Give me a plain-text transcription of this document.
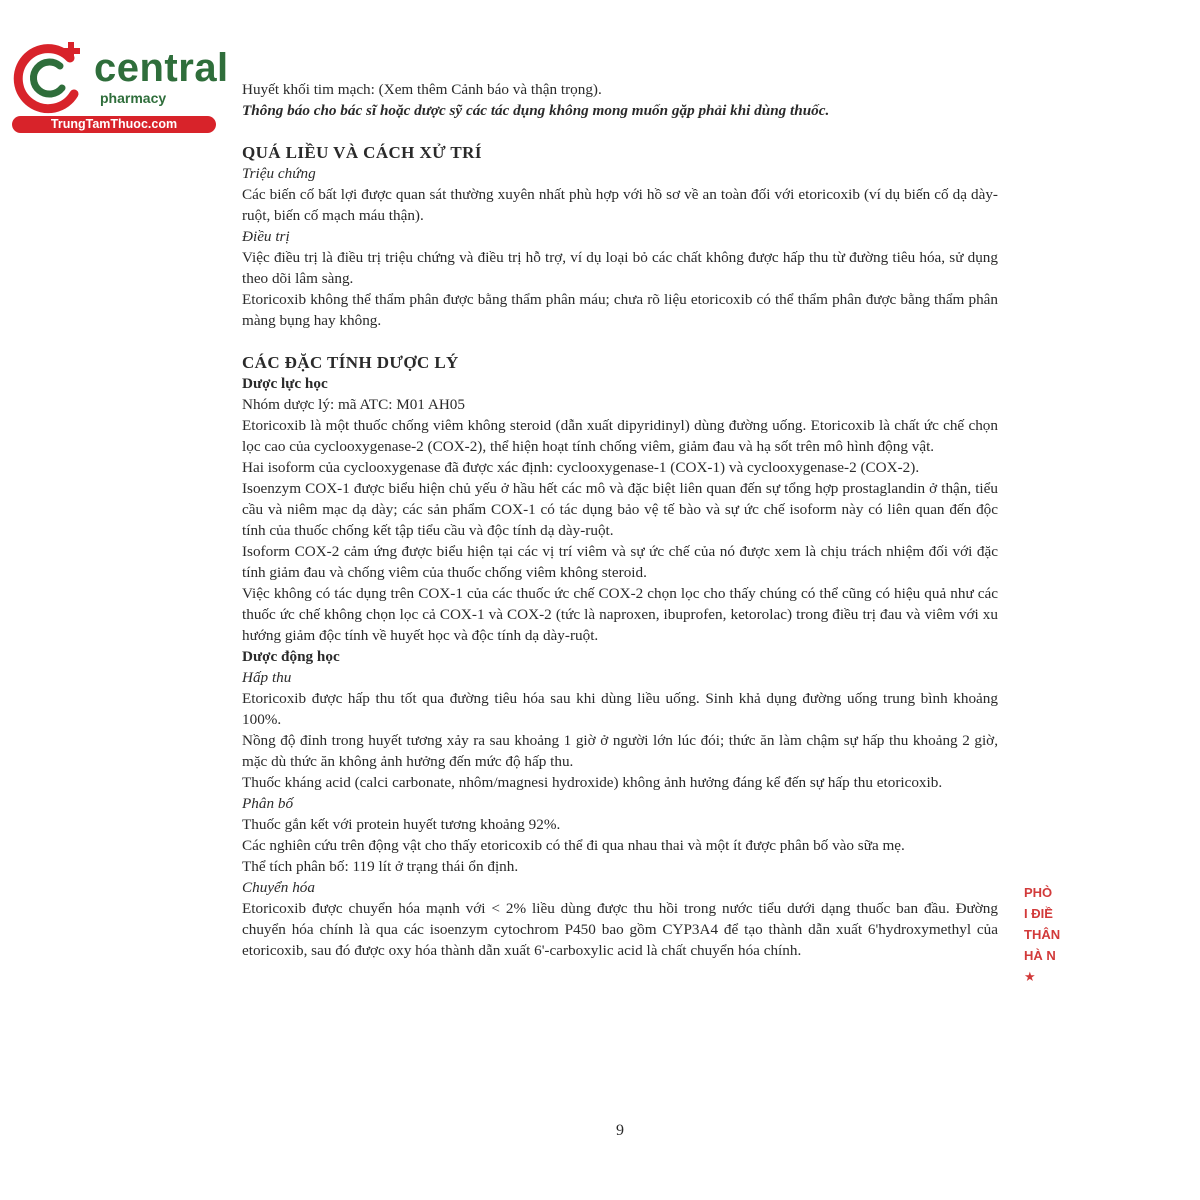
central
pharmacy
TrungTamThuoc.com

Huyết khối tim mạch: (Xem thêm Cảnh báo và thận trọng).

Thông báo cho bác sĩ hoặc dược sỹ các tác dụng không mong muốn gặp phải khi dùng thuốc.

QUÁ LIỀU VÀ CÁCH XỬ TRÍ

Triệu chứng

Các biến cố bất lợi được quan sát thường xuyên nhất phù hợp với hồ sơ về an toàn đối với etoricoxib (ví dụ biến cố dạ dày-ruột, biến cố mạch máu thận).

Điều trị

Việc điều trị là điều trị triệu chứng và điều trị hỗ trợ, ví dụ loại bỏ các chất không được hấp thu từ đường tiêu hóa, sử dụng theo dõi lâm sàng.

Etoricoxib không thể thẩm phân được bằng thẩm phân máu; chưa rõ liệu etoricoxib có thể thẩm phân được bằng thẩm phân màng bụng hay không.

CÁC ĐẶC TÍNH DƯỢC LÝ

Dược lực học

Nhóm dược lý: mã ATC: M01 AH05

Etoricoxib là một thuốc chống viêm không steroid (dẫn xuất dipyridinyl) dùng đường uống. Etoricoxib là chất ức chế chọn lọc cao của cyclooxygenase-2 (COX-2), thể hiện hoạt tính chống viêm, giảm đau và hạ sốt trên mô hình động vật.

Hai isoform của cyclooxygenase đã được xác định: cyclooxygenase-1 (COX-1) và cyclooxygenase-2 (COX-2).

Isoenzym COX-1 được biểu hiện chủ yếu ở hầu hết các mô và đặc biệt liên quan đến sự tổng hợp prostaglandin ở thận, tiểu cầu và niêm mạc dạ dày; các sản phẩm COX-1 có tác dụng bảo vệ tế bào và sự ức chế isoform này có liên quan đến độc tính của thuốc chống kết tập tiểu cầu và độc tính dạ dày-ruột.

Isoform COX-2 cảm ứng được biểu hiện tại các vị trí viêm và sự ức chế của nó được xem là chịu trách nhiệm đối với đặc tính giảm đau và chống viêm của thuốc chống viêm không steroid.

Việc không có tác dụng trên COX-1 của các thuốc ức chế COX-2 chọn lọc cho thấy chúng có thể cũng có hiệu quả như các thuốc ức chế không chọn lọc cả COX-1 và COX-2 (tức là naproxen, ibuprofen, ketorolac) trong điều trị đau và viêm với xu hướng giảm độc tính về huyết học và độc tính dạ dày-ruột.

Dược động học

Hấp thu

Etoricoxib được hấp thu tốt qua đường tiêu hóa sau khi dùng liều uống. Sinh khả dụng đường uống trung bình khoảng 100%.

Nồng độ đỉnh trong huyết tương xảy ra sau khoảng 1 giờ ở người lớn lúc đói; thức ăn làm chậm sự hấp thu khoảng 2 giờ, mặc dù thức ăn không ảnh hưởng đến mức độ hấp thu.

Thuốc kháng acid (calci carbonate, nhôm/magnesi hydroxide) không ảnh hưởng đáng kể đến sự hấp thu etoricoxib.

Phân bố

Thuốc gắn kết với protein huyết tương khoảng 92%.

Các nghiên cứu trên động vật cho thấy etoricoxib có thể đi qua nhau thai và một ít được phân bố vào sữa mẹ.

Thể tích phân bố: 119 lít ở trạng thái ổn định.

Chuyển hóa

Etoricoxib được chuyển hóa mạnh với < 2% liều dùng được thu hồi trong nước tiểu dưới dạng thuốc ban đầu. Đường chuyển hóa chính là qua các isoenzym cytochrom P450 bao gồm CYP3A4 để tạo thành dẫn xuất 6'hydroxymethyl của etoricoxib, sau đó được oxy hóa thành dẫn xuất 6'-carboxylic acid là chất chuyển hóa chính.

9
PHÒ
I ĐIỀ
THÂN
HÀ N
★
